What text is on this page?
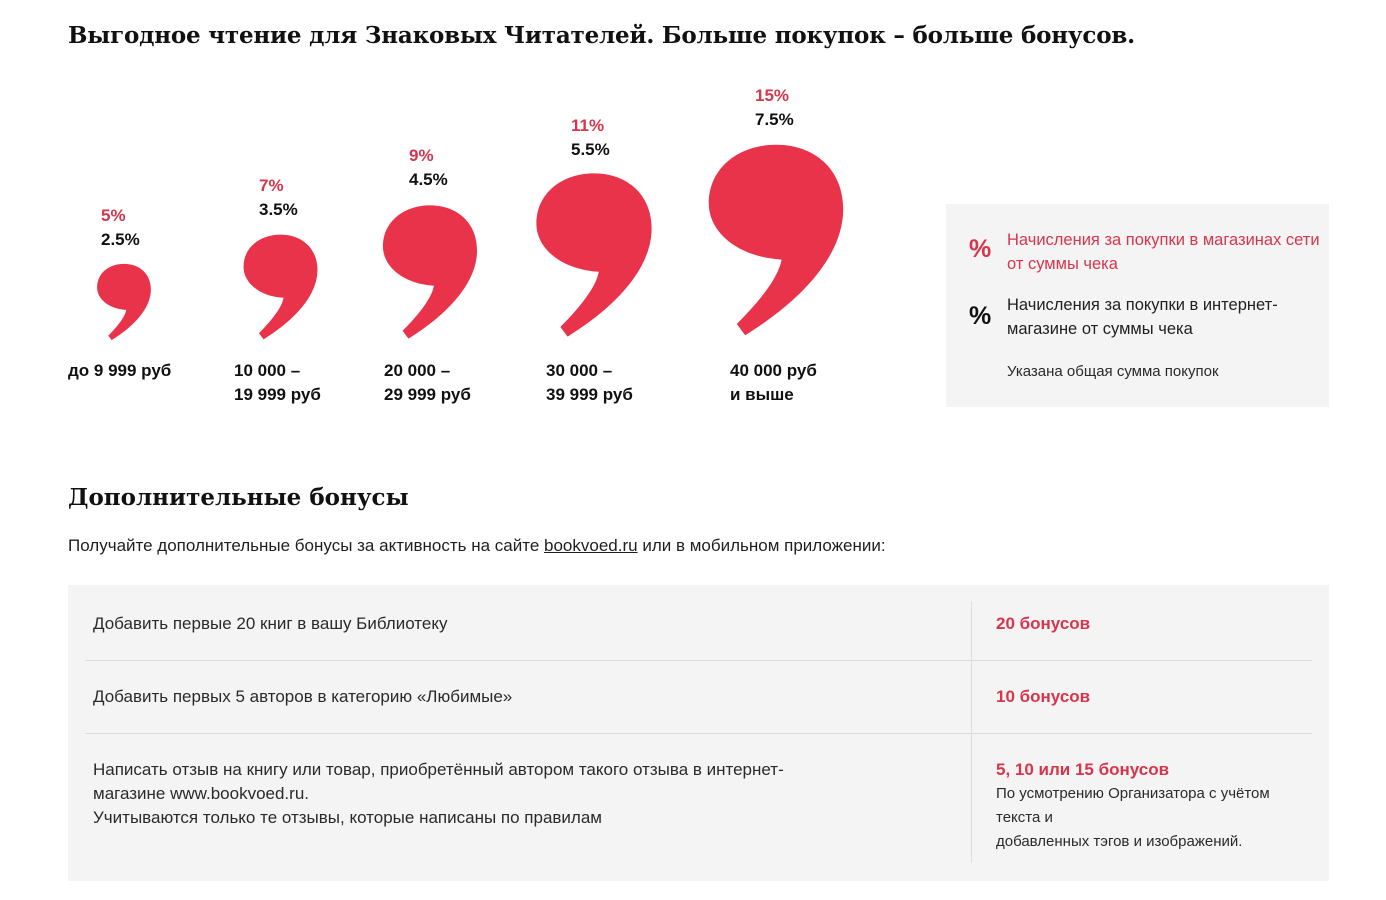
Выгодное чтение для Знаковых Читателей. Больше покупок – больше бонусов.
5%
2.5%
до 9 999 руб
7%
3.5%
10 000 –
19 999 руб
9%
4.5%
20 000 –
29 999 руб
11%
5.5%
30 000 –
39 999 руб
15%
7.5%
40 000 руб
и выше
% Начисления за покупки в магазинах сети от суммы чека
% Начисления за покупки в интернет-магазине от суммы чека
Указана общая сумма покупок
Дополнительные бонусы
Получайте дополнительные бонусы за активность на сайте bookvoed.ru или в мобильном приложении:
Добавить первые 20 книг в вашу Библиотеку	20 бонусов
Добавить первых 5 авторов в категорию «Любимые»	10 бонусов
Написать отзыв на книгу или товар, приобретённый автором такого отзыва в интернет-
магазине www.bookvoed.ru.
Учитываются только те отзывы, которые написаны по правилам
5, 10 или 15 бонусов
По усмотрению Организатора с учётом
текста и
добавленных тэгов и изображений.
